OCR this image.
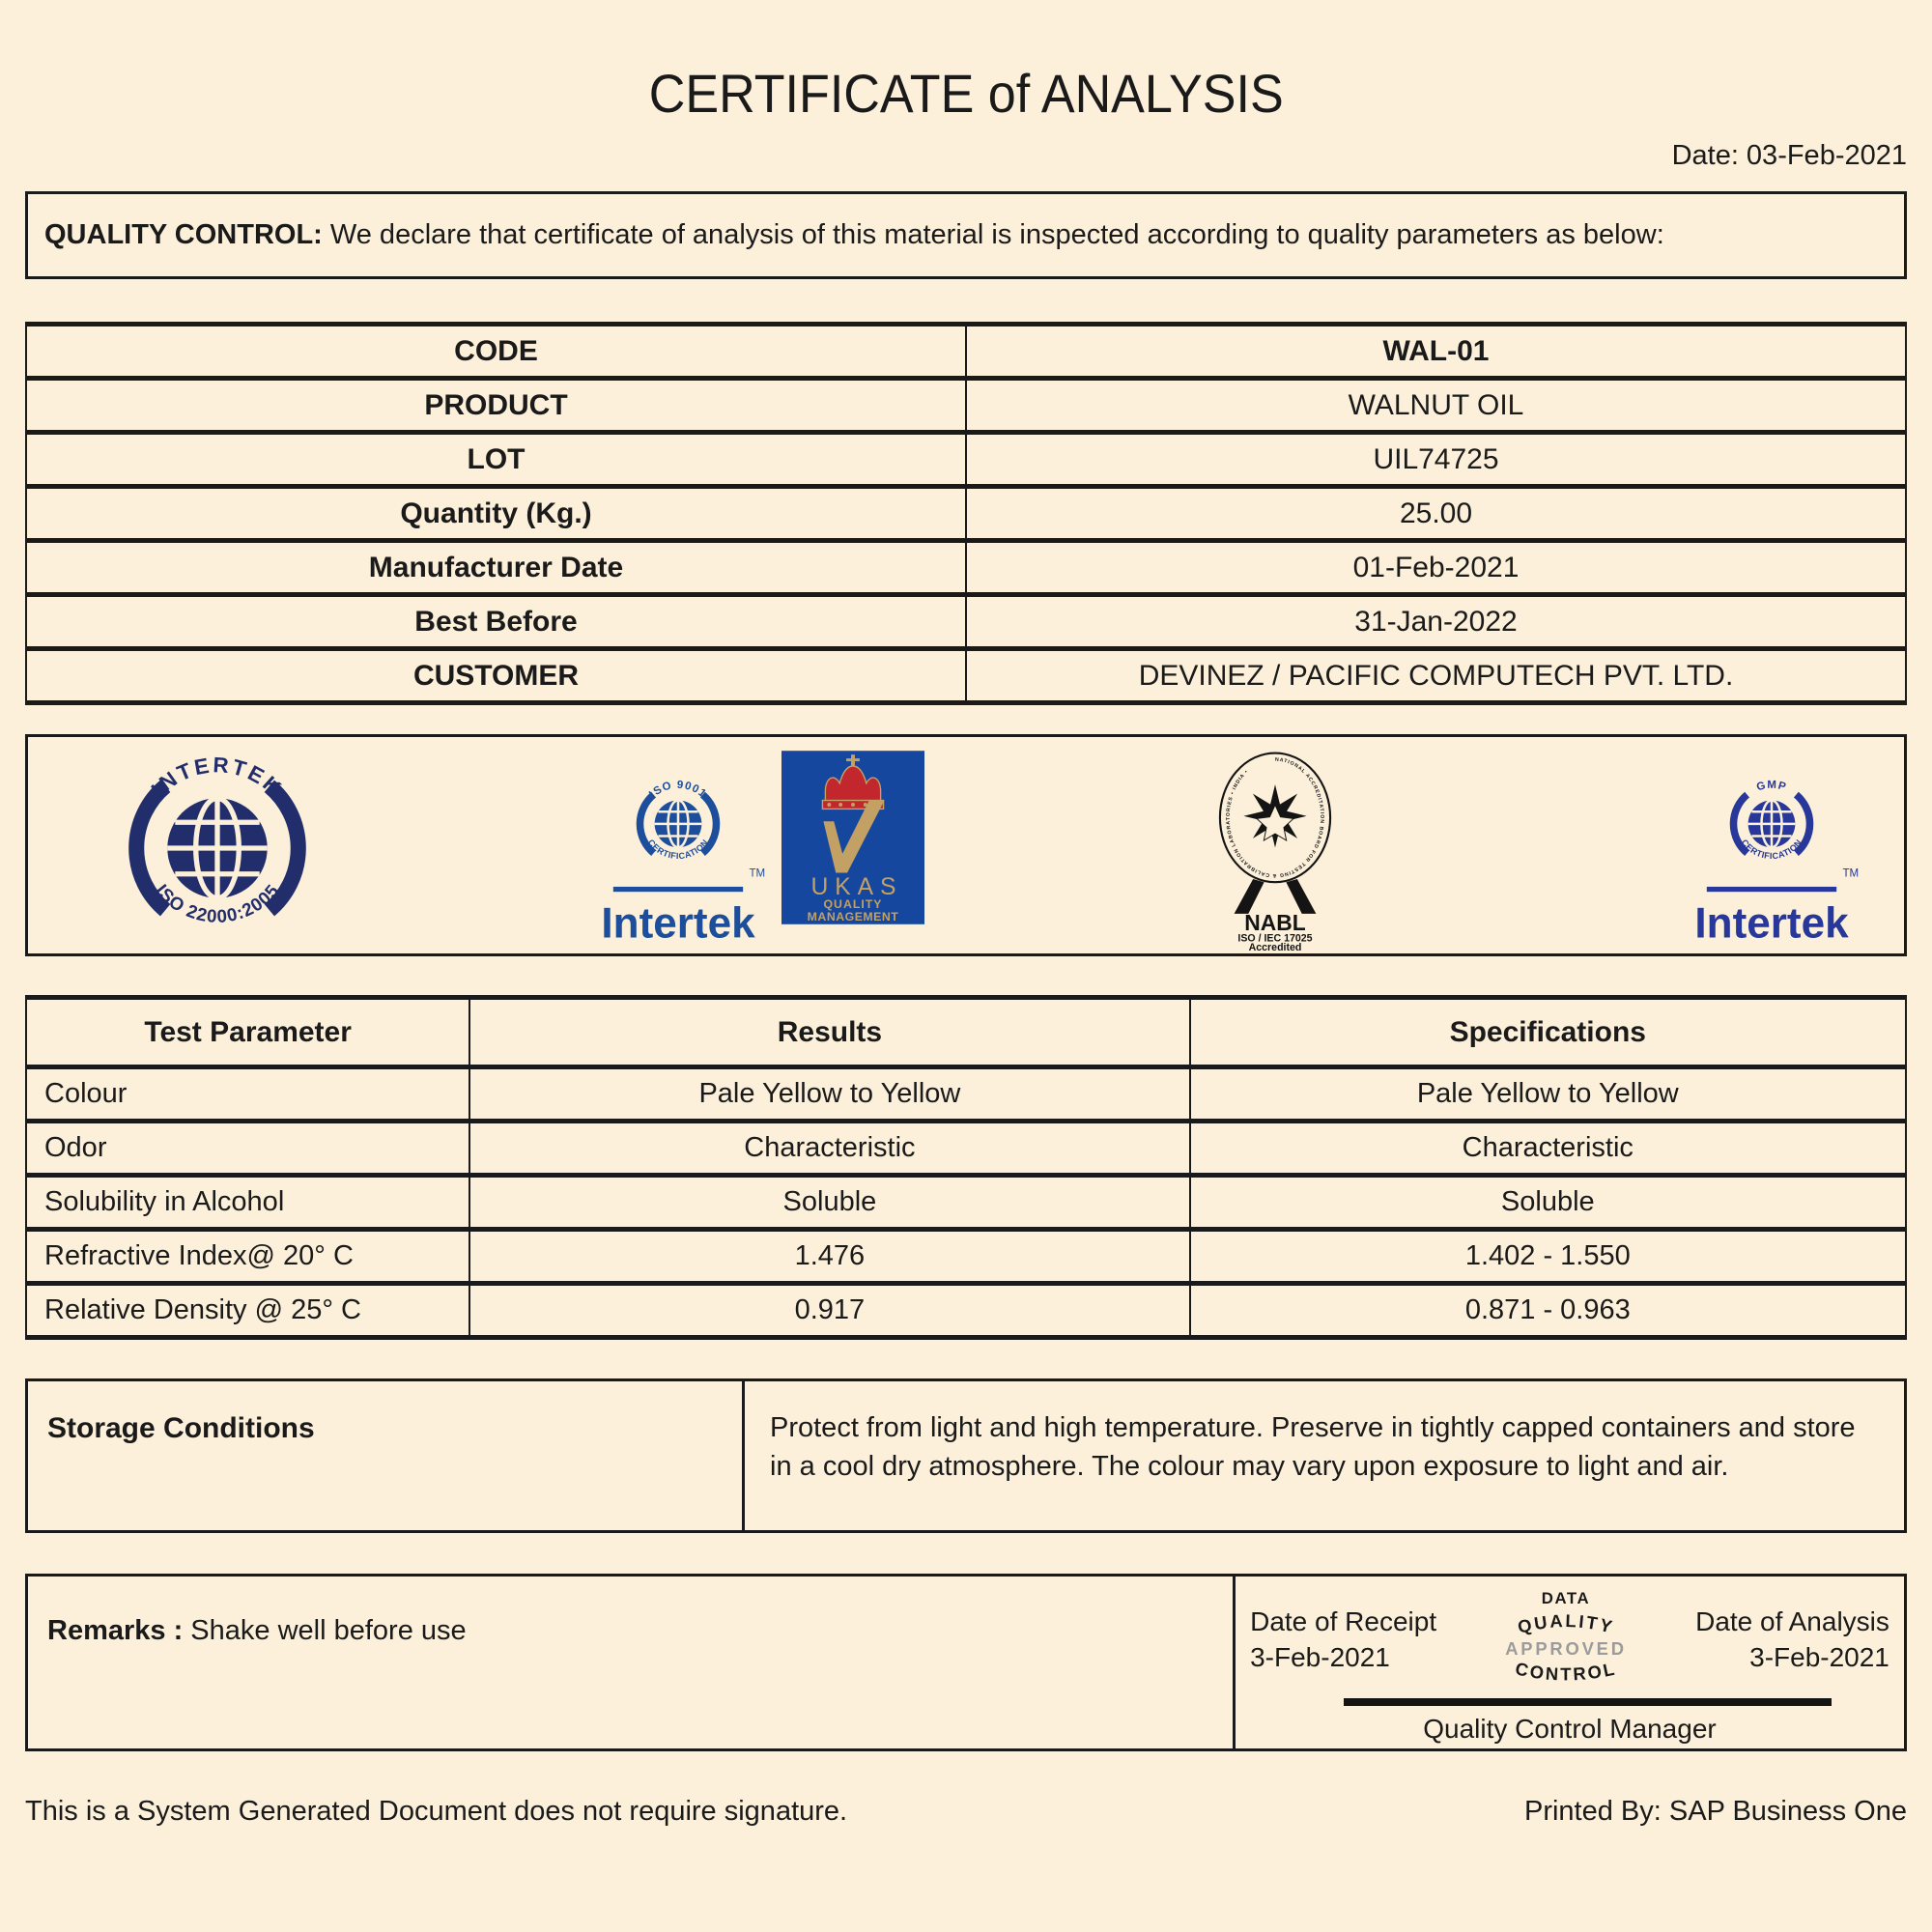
CERTIFICATE of ANALYSIS
Date: 03-Feb-2021
QUALITY CONTROL: We declare that certificate of analysis of this material is inspected according to quality parameters as below:
CODE	WAL-01
PRODUCT	WALNUT OIL
LOT	UIL74725
Quantity (Kg.)	25.00
Manufacturer Date	01-Feb-2021
Best Before	31-Jan-2022
CUSTOMER	DEVINEZ / PACIFIC COMPUTECH PVT. LTD.
INTERTEK
ISO 22000:2005
ISO 9001
CERTIFICATION
TM
Intertek
UKAS
QUALITY
MANAGEMENT
NATIONAL ACCREDITATION BOARD FOR TESTING & CALIBRATION LABORATORIES • INDIA •
NABL
ISO / IEC 17025
Accredited
GMP
CERTIFICATION
TM
Intertek
Test Parameter	Results	Specifications
Colour	Pale Yellow to Yellow	Pale Yellow to Yellow
Odor	Characteristic	Characteristic
Solubility in Alcohol	Soluble	Soluble
Refractive Index@ 20° C	1.476	1.402 - 1.550
Relative Density @ 25° C	0.917	0.871 - 0.963
Storage Conditions	Protect from light and high temperature. Preserve in tightly capped containers and store in a cool dry atmosphere. The colour may vary upon exposure to light and air.
Remarks : Shake well before use	Date of Receipt
3-Feb-2021
DATA
QUALITY
APPROVED
CONTROL
Date of Analysis
3-Feb-2021
Quality Control Manager
This is a System Generated Document does not require signature.	Printed By: SAP Business One
